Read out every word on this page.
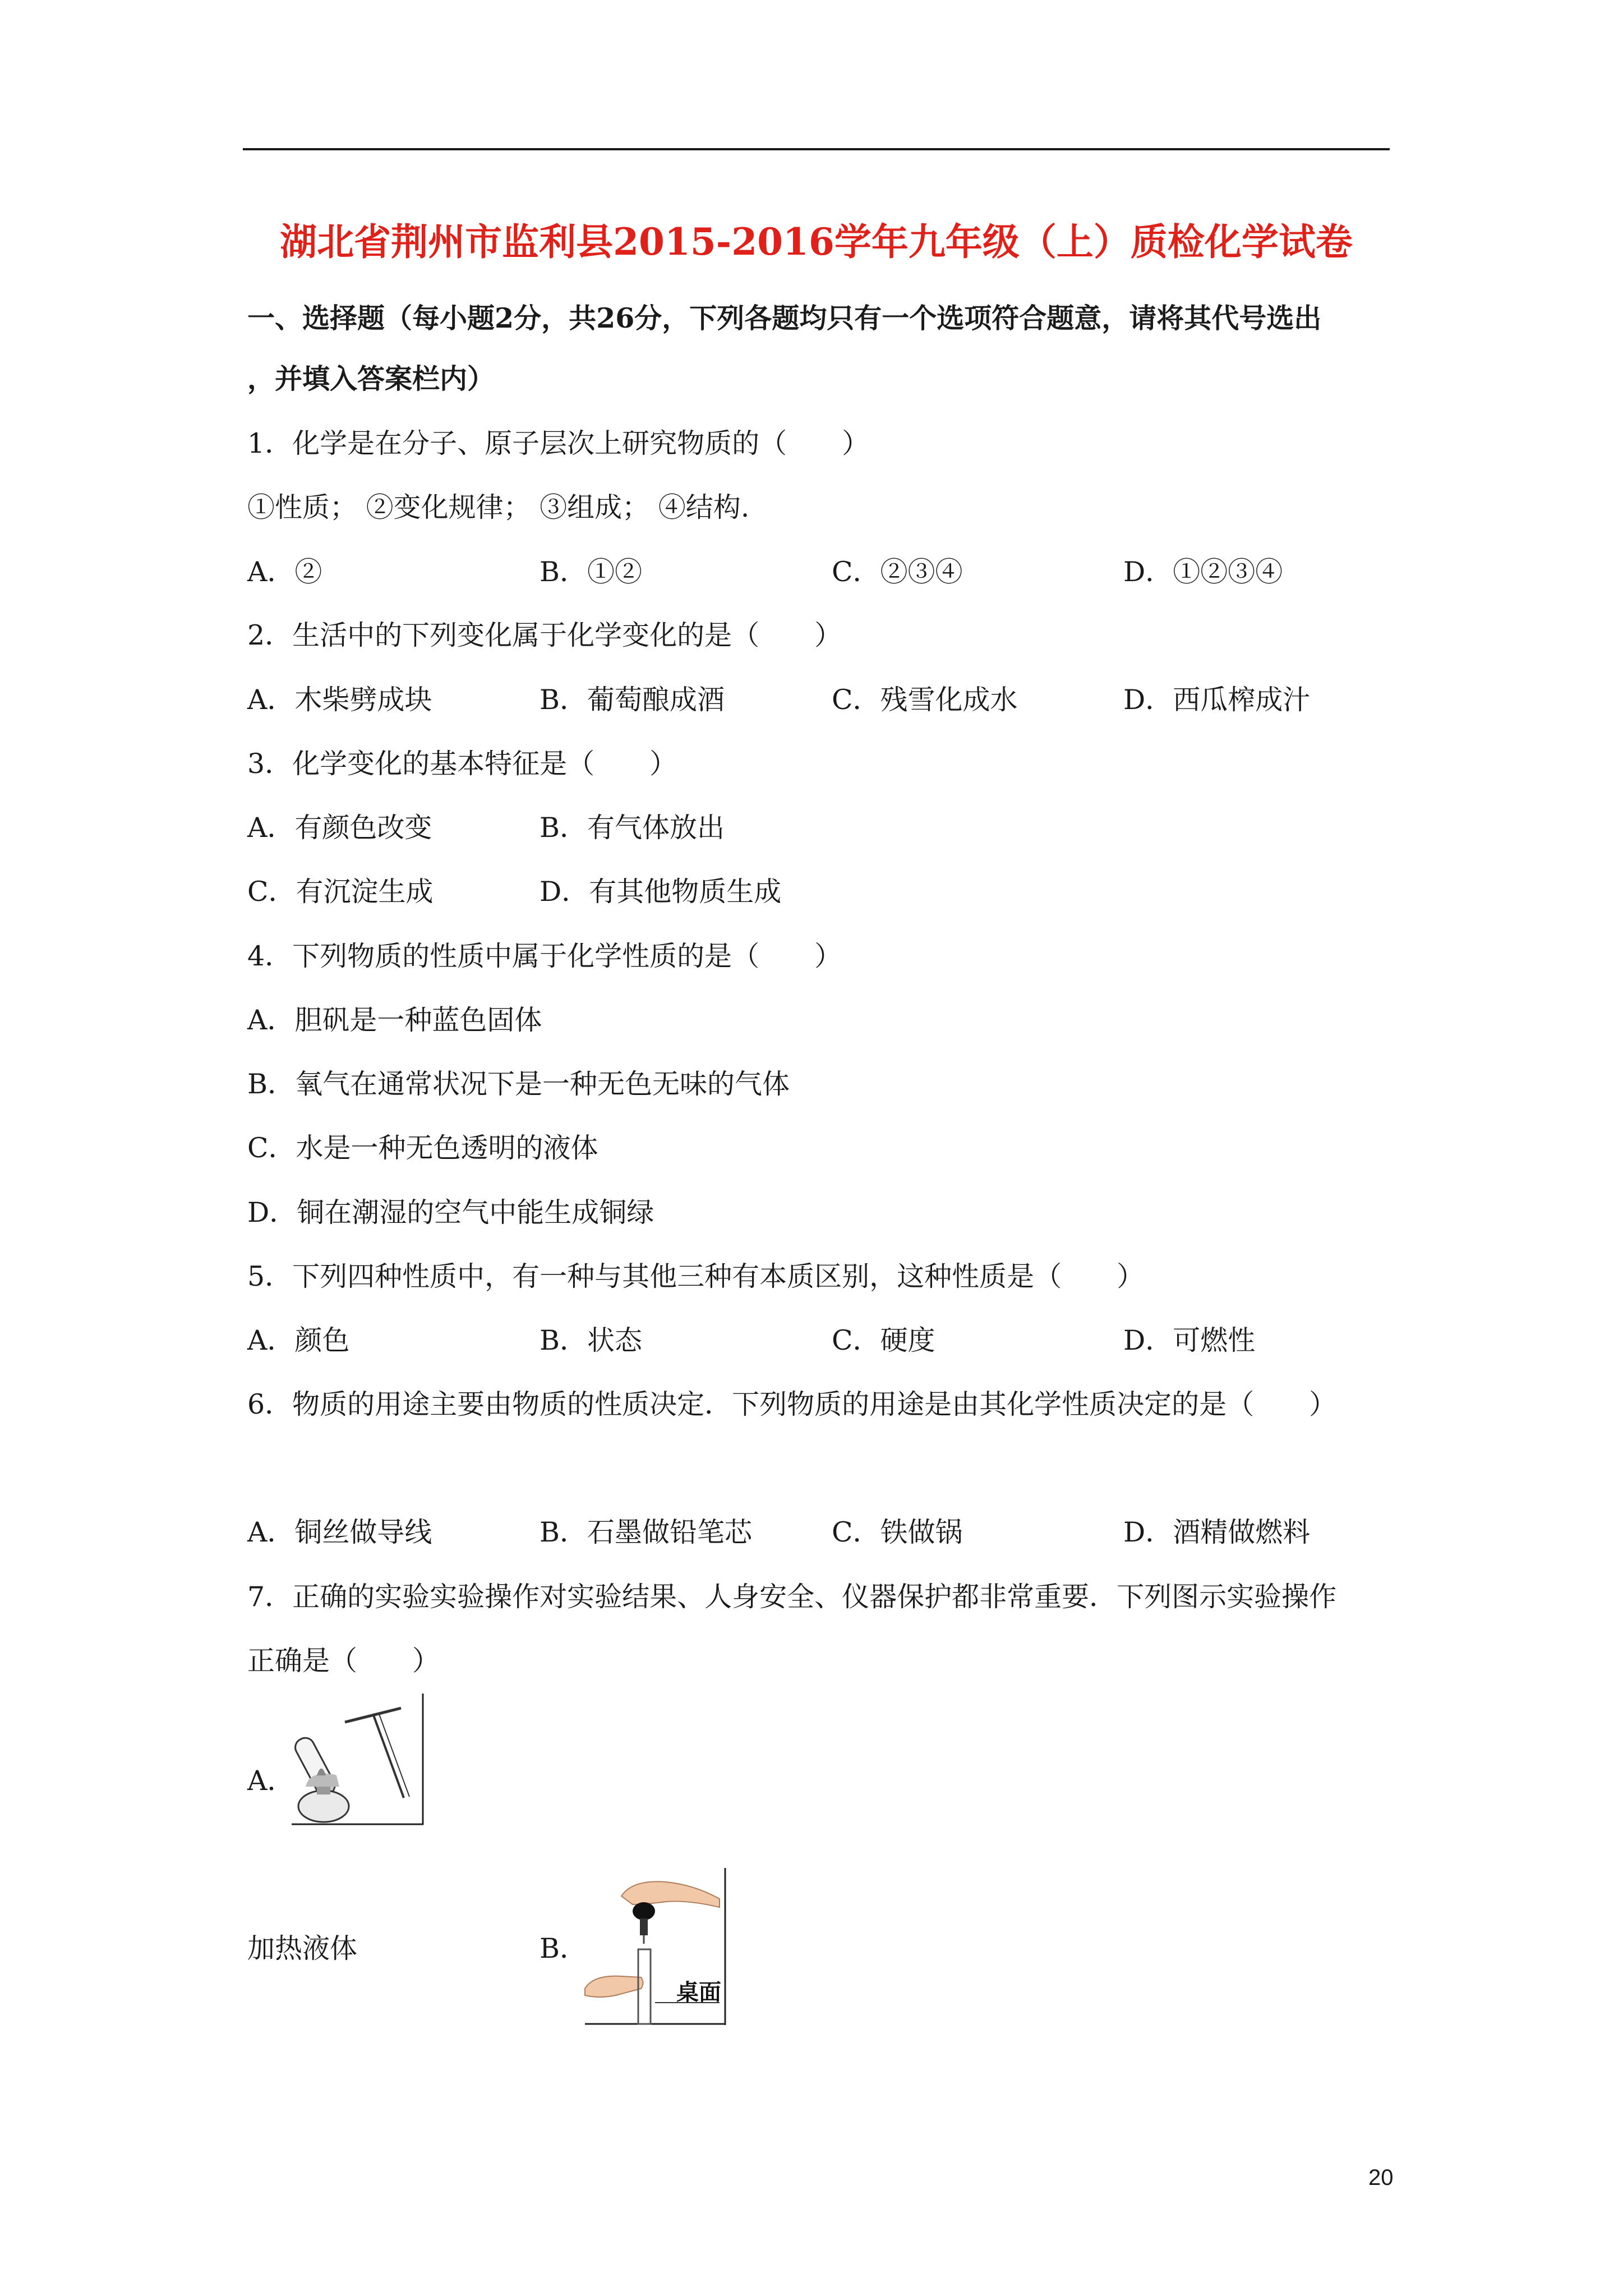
湖北省荆州市监利县2015-2016学年九年级（上）质检化学试卷
一、选择题（每小题2分，共26分，下列各题均只有一个选项符合题意，请将其代号选出
，并填入答案栏内）
1．化学是在分子、原子层次上研究物质的（　　）
①性质； ②变化规律； ③组成； ④结构.
A．②	B．①②	C．②③④	D．①②③④
2．生活中的下列变化属于化学变化的是（　　）
A．木柴劈成块	B．葡萄酿成酒	C．残雪化成水	D．西瓜榨成汁
3．化学变化的基本特征是（　　）
A．有颜色改变	B．有气体放出
C．有沉淀生成	D．有其他物质生成
4．下列物质的性质中属于化学性质的是（　　）
A．胆矾是一种蓝色固体
B．氧气在通常状况下是一种无色无味的气体
C．水是一种无色透明的液体
D．铜在潮湿的空气中能生成铜绿
5．下列四种性质中，有一种与其他三种有本质区别，这种性质是（　　）
A．颜色	B．状态	C．硬度	D．可燃性
6．物质的用途主要由物质的性质决定．下列物质的用途是由其化学性质决定的是（　　）
A．铜丝做导线	B．石墨做铅笔芯	C．铁做锅	D．酒精做燃料
7．正确的实验实验操作对实验结果、人身安全、仪器保护都非常重要．下列图示实验操作
正确是（　　）
A．
加热液体	B．
桌面
20
